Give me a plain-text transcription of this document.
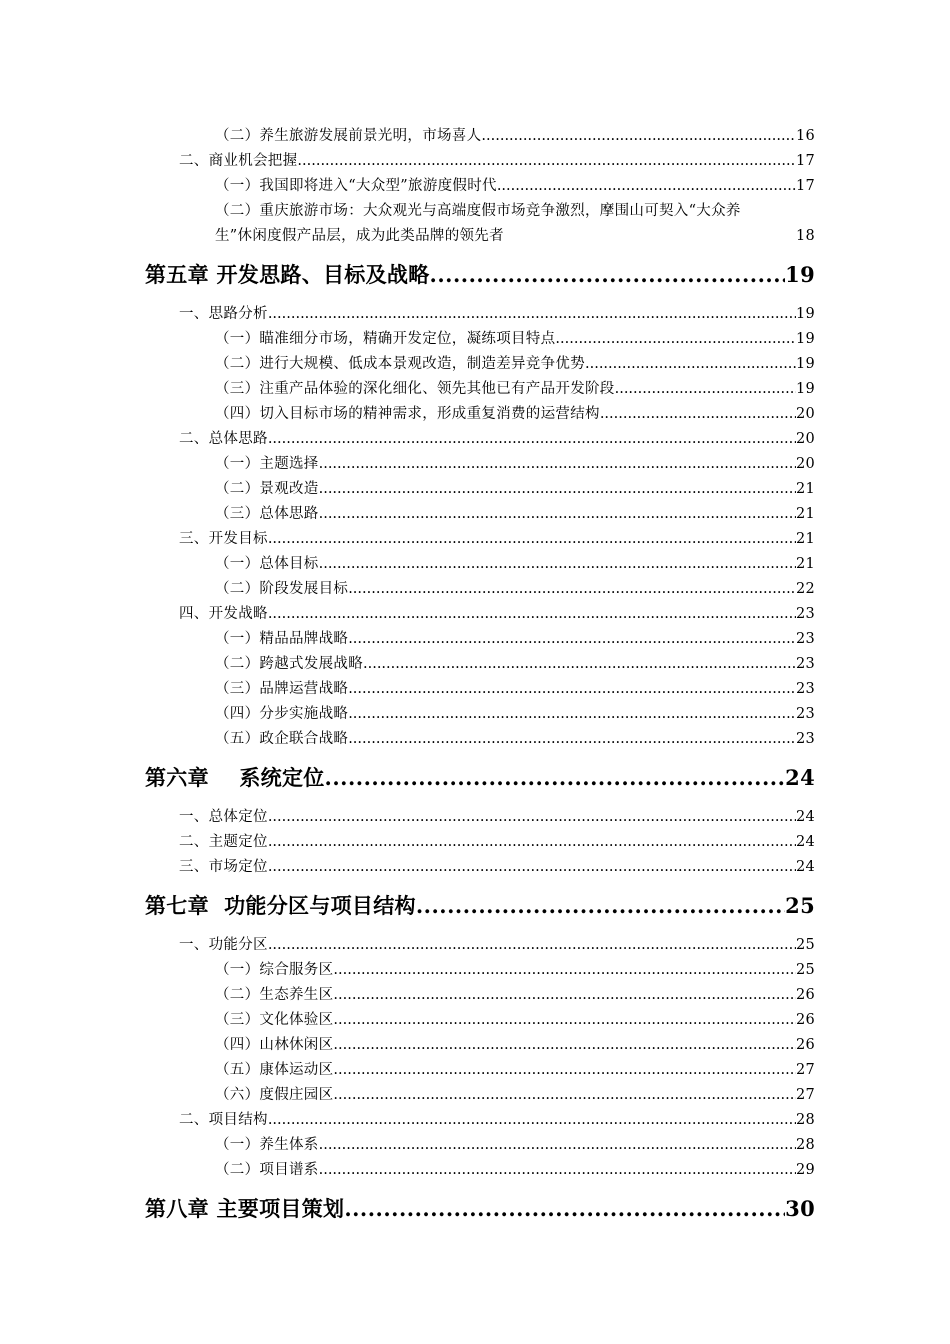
（二）养生旅游发展前景光明，市场喜人 .....	16
二、商业机会把握 .....	17
（一）我国即将进入“大众型”旅游度假时代 .....	17
（二）重庆旅游市场：大众观光与高端度假市场竞争激烈，摩围山可契入“大众养
生”休闲度假产品层，成为此类品牌的领先者	18
第五章 开发思路、目标及战略 .....	19
一、思路分析 .....	19
（一）瞄准细分市场，精确开发定位，凝练项目特点 .....	19
（二）进行大规模、低成本景观改造，制造差异竞争优势 .....	19
（三）注重产品体验的深化细化、领先其他已有产品开发阶段 .....	19
（四）切入目标市场的精神需求，形成重复消费的运营结构 .....	20
二、总体思路 .....	20
（一）主题选择 .....	20
（二）景观改造 .....	21
（三）总体思路 .....	21
三、开发目标 .....	21
（一）总体目标 .....	21
（二）阶段发展目标 .....	22
四、开发战略 .....	23
（一）精品品牌战略 .....	23
（二）跨越式发展战略 .....	23
（三）品牌运营战略 .....	23
（四）分步实施战略 .....	23
（五）政企联合战略 .....	23
第六章    系统定位 .....	24
一、总体定位 .....	24
二、主题定位 .....	24
三、市场定位 .....	24
第七章  功能分区与项目结构 .....	25
一、功能分区 .....	25
（一）综合服务区 .....	25
（二）生态养生区 .....	26
（三）文化体验区 .....	26
（四）山林休闲区 .....	26
（五）康体运动区 .....	27
（六）度假庄园区 .....	27
二、项目结构 .....	28
（一）养生体系 .....	28
（二）项目谱系 .....	29
第八章 主要项目策划 .....	30
